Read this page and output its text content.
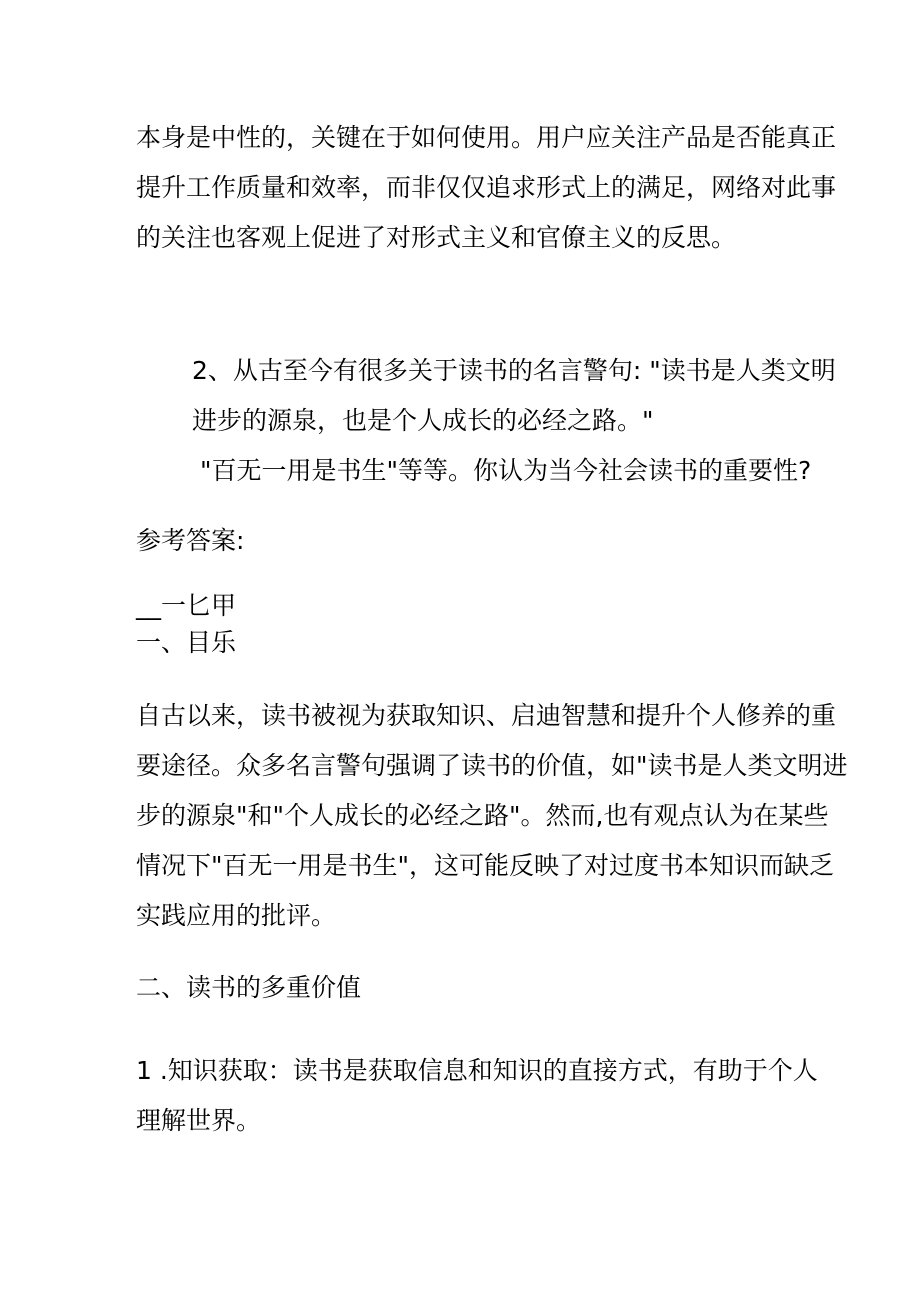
本身是中性的，关键在于如何使用。用户应关注产品是否能真正
提升工作质量和效率，而非仅仅追求形式上的满足，网络对此事
的关注也客观上促进了对形式主义和官僚主义的反思。
2、从古至今有很多关于读书的名言警句: "读书是人类文明
进步的源泉，也是个人成长的必经之路。"
"百无一用是书生"等等。你认为当今社会读书的重要性?
参考答案:
__一匕甲
一、目乐
自古以来，读书被视为获取知识、启迪智慧和提升个人修养的重
要途径。众多名言警句强调了读书的价值，如"读书是人类文明进
步的源泉"和"个人成长的必经之路"。然而,也有观点认为在某些
情况下"百无一用是书生"，这可能反映了对过度书本知识而缺乏
实践应用的批评。
二、读书的多重价值
1 .知识获取：读书是获取信息和知识的直接方式，有助于个人
理解世界。
